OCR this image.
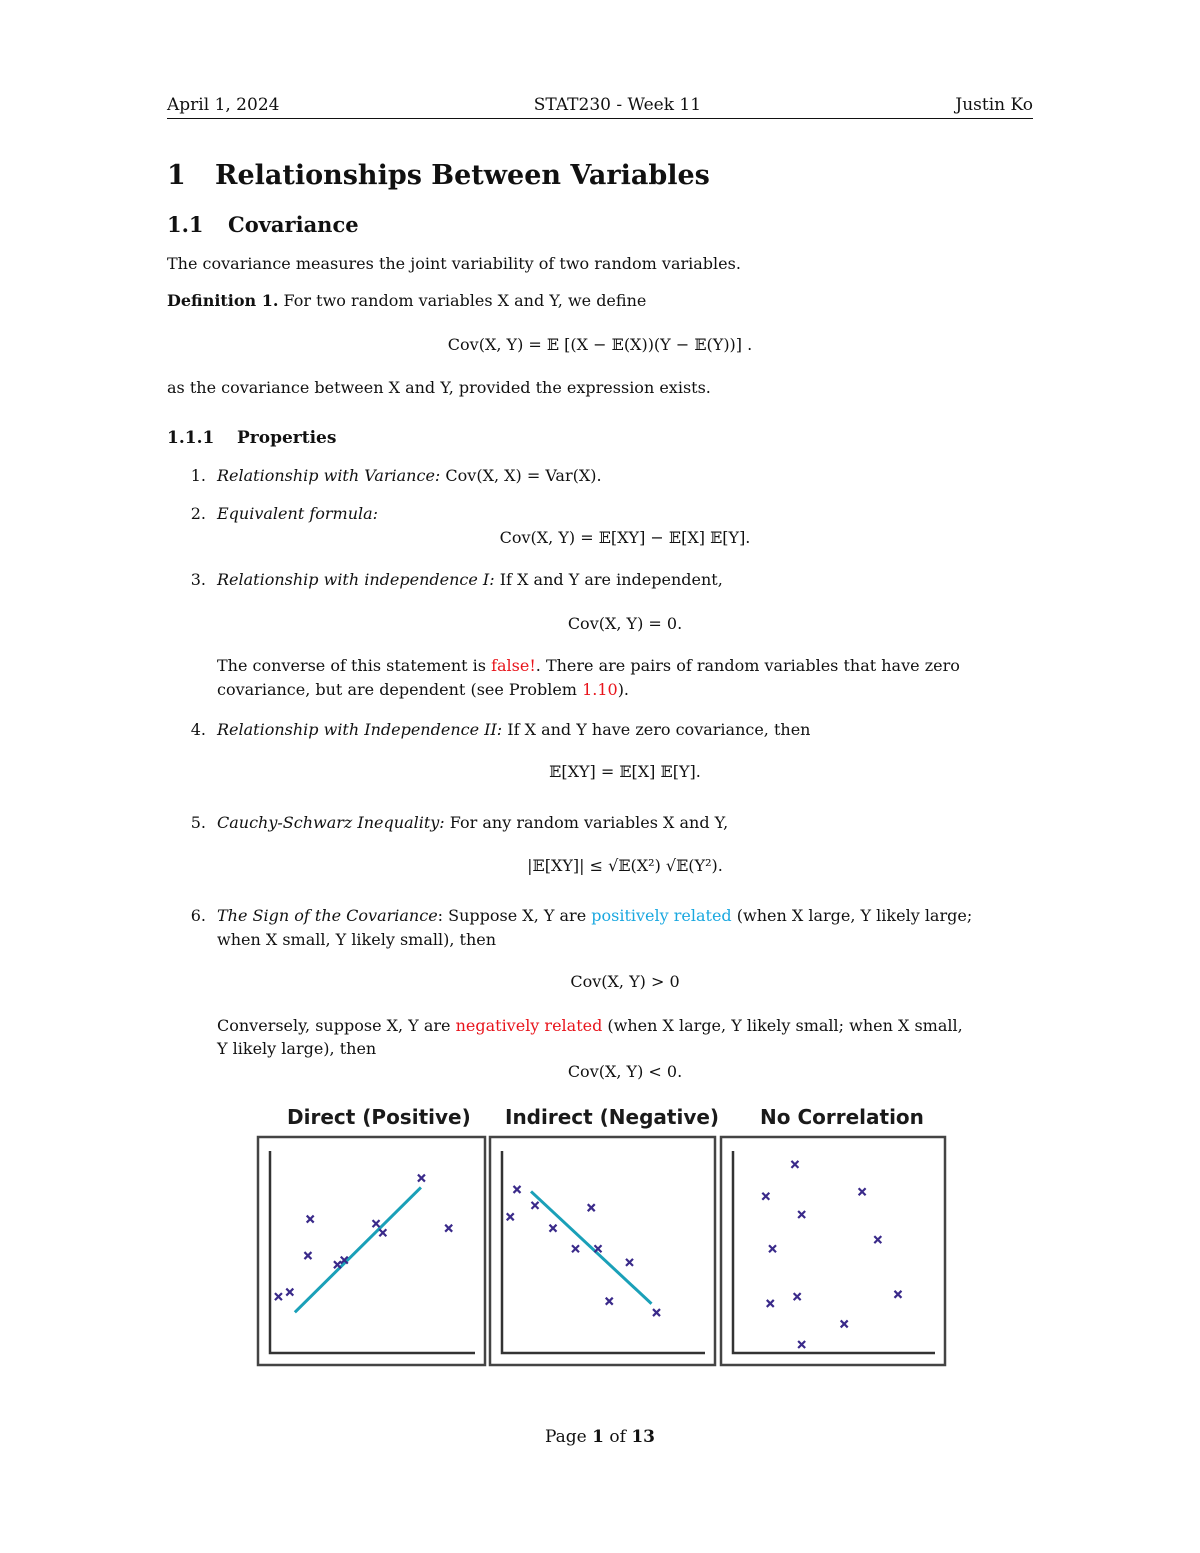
April 1, 2024	STAT230 - Week 11	Justin Ko
1 Relationships Between Variables
1.1 Covariance
The covariance measures the joint variability of two random variables.
Definition 1. For two random variables X and Y, we define
Cov(X, Y) = 𝔼 [(X − 𝔼(X))(Y − 𝔼(Y))] .
as the covariance between X and Y, provided the expression exists.
1.1.1 Properties
1. Relationship with Variance: Cov(X, X) = Var(X).
2. Equivalent formula:
Cov(X, Y) = 𝔼[XY] − 𝔼[X] 𝔼[Y].
3. Relationship with independence I: If X and Y are independent,
Cov(X, Y) = 0.
The converse of this statement is false!. There are pairs of random variables that have zero
covariance, but are dependent (see Problem 1.10).
4. Relationship with Independence II: If X and Y have zero covariance, then
𝔼[XY] = 𝔼[X] 𝔼[Y].
5. Cauchy-Schwarz Inequality: For any random variables X and Y,
|𝔼[XY]| ≤ √𝔼(X²) √𝔼(Y²).
6. The Sign of the Covariance: Suppose X, Y are positively related (when X large, Y likely large;
when X small, Y likely small), then
Cov(X, Y) > 0
Conversely, suppose X, Y are negatively related (when X large, Y likely small; when X small,
Y likely large), then
Cov(X, Y) < 0.
Direct (Positive) Indirect (Negative) No Correlation
Page 1 of 13
